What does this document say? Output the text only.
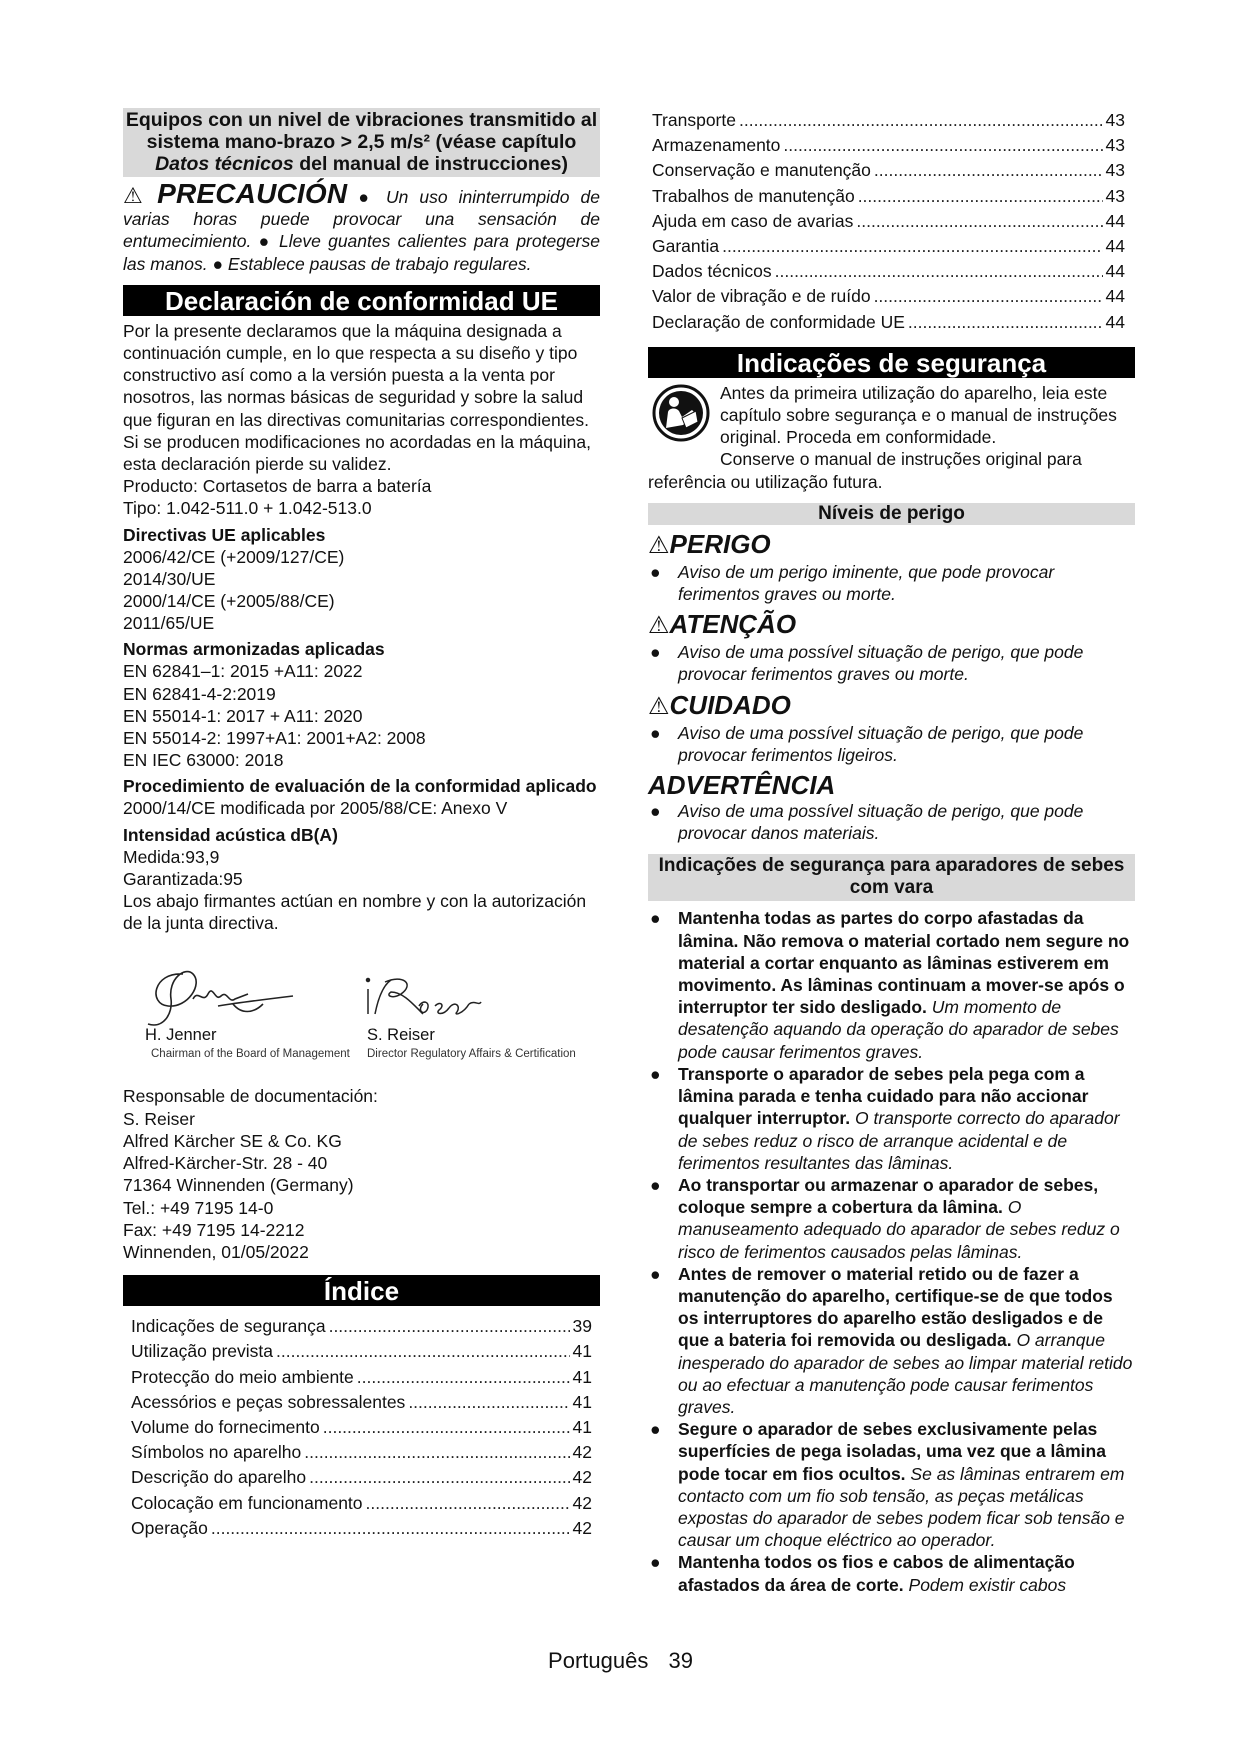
Equipos con un nivel de vibraciones transmitido al sistema mano-brazo > 2,5 m/s² (véase capítulo Datos técnicos del manual de instrucciones)
⚠ PRECAUCIÓN ● Un uso ininterrumpido de varias horas puede provocar una sensación de entumecimiento. ● Lleve guantes calientes para protegerse las manos. ● Establece pausas de trabajo regulares.
Declaración de conformidad UE
Por la presente declaramos que la máquina designada a continuación cumple, en lo que respecta a su diseño y tipo constructivo así como a la versión puesta a la venta por nosotros, las normas básicas de seguridad y sobre la salud que figuran en las directivas comunitarias correspondientes. Si se producen modificaciones no acordadas en la máquina, esta declaración pierde su validez.
Producto: Cortasetos de barra a batería
Tipo: 1.042-511.0 + 1.042-513.0
Directivas UE aplicables
2006/42/CE (+2009/127/CE)
2014/30/UE
2000/14/CE (+2005/88/CE)
2011/65/UE
Normas armonizadas aplicadas
EN 62841–1: 2015 +A11: 2022
EN 62841-4-2:2019
EN 55014-1: 2017 + A11: 2020
EN 55014-2: 1997+A1: 2001+A2: 2008
EN IEC 63000: 2018
Procedimiento de evaluación de la conformidad aplicado
2000/14/CE modificada por 2005/88/CE: Anexo V
Intensidad acústica dB(A)
Medida:93,9
Garantizada:95
Los abajo firmantes actúan en nombre y con la autorización de la junta directiva.
H. Jenner
Chairman of the Board of Management
S. Reiser
Director Regulatory Affairs & Certification
Responsable de documentación:
S. Reiser
Alfred Kärcher SE & Co. KG
Alfred-Kärcher-Str. 28 - 40
71364 Winnenden (Germany)
Tel.: +49 7195 14-0
Fax: +49 7195 14-2212
Winnenden, 01/05/2022
Índice
Indicações de segurança .....	39
Utilização prevista .....	41
Protecção do meio ambiente .....	41
Acessórios e peças sobressalentes .....	41
Volume do fornecimento .....	41
Símbolos no aparelho .....	42
Descrição do aparelho .....	42
Colocação em funcionamento .....	42
Operação .....	42
Transporte .....	43
Armazenamento .....	43
Conservação e manutenção .....	43
Trabalhos de manutenção .....	43
Ajuda em caso de avarias .....	44
Garantia .....	44
Dados técnicos .....	44
Valor de vibração e de ruído .....	44
Declaração de conformidade UE .....	44
Indicações de segurança
Antes da primeira utilização do aparelho, leia este capítulo sobre segurança e o manual de instruções original. Proceda em conformidade.
Conserve o manual de instruções original para referência ou utilização futura.
Níveis de perigo
⚠PERIGO
● Aviso de um perigo iminente, que pode provocar ferimentos graves ou morte.
⚠ATENÇÃO
● Aviso de uma possível situação de perigo, que pode provocar ferimentos graves ou morte.
⚠CUIDADO
● Aviso de uma possível situação de perigo, que pode provocar ferimentos ligeiros.
ADVERTÊNCIA
● Aviso de uma possível situação de perigo, que pode provocar danos materiais.
Indicações de segurança para aparadores de sebes com vara
● Mantenha todas as partes do corpo afastadas da lâmina. Não remova o material cortado nem segure no material a cortar enquanto as lâminas estiverem em movimento. As lâminas continuam a mover-se após o interruptor ter sido desligado. Um momento de desatenção aquando da operação do aparador de sebes pode causar ferimentos graves.
● Transporte o aparador de sebes pela pega com a lâmina parada e tenha cuidado para não accionar qualquer interruptor. O transporte correcto do aparador de sebes reduz o risco de arranque acidental e de ferimentos resultantes das lâminas.
● Ao transportar ou armazenar o aparador de sebes, coloque sempre a cobertura da lâmina. O manuseamento adequado do aparador de sebes reduz o risco de ferimentos causados pelas lâminas.
● Antes de remover o material retido ou de fazer a manutenção do aparelho, certifique-se de que todos os interruptores do aparelho estão desligados e de que a bateria foi removida ou desligada. O arranque inesperado do aparador de sebes ao limpar material retido ou ao efectuar a manutenção pode causar ferimentos graves.
● Segure o aparador de sebes exclusivamente pelas superfícies de pega isoladas, uma vez que a lâmina pode tocar em fios ocultos. Se as lâminas entrarem em contacto com um fio sob tensão, as peças metálicas expostas do aparador de sebes podem ficar sob tensão e causar um choque eléctrico ao operador.
● Mantenha todos os fios e cabos de alimentação afastados da área de corte. Podem existir cabos
Português 39
